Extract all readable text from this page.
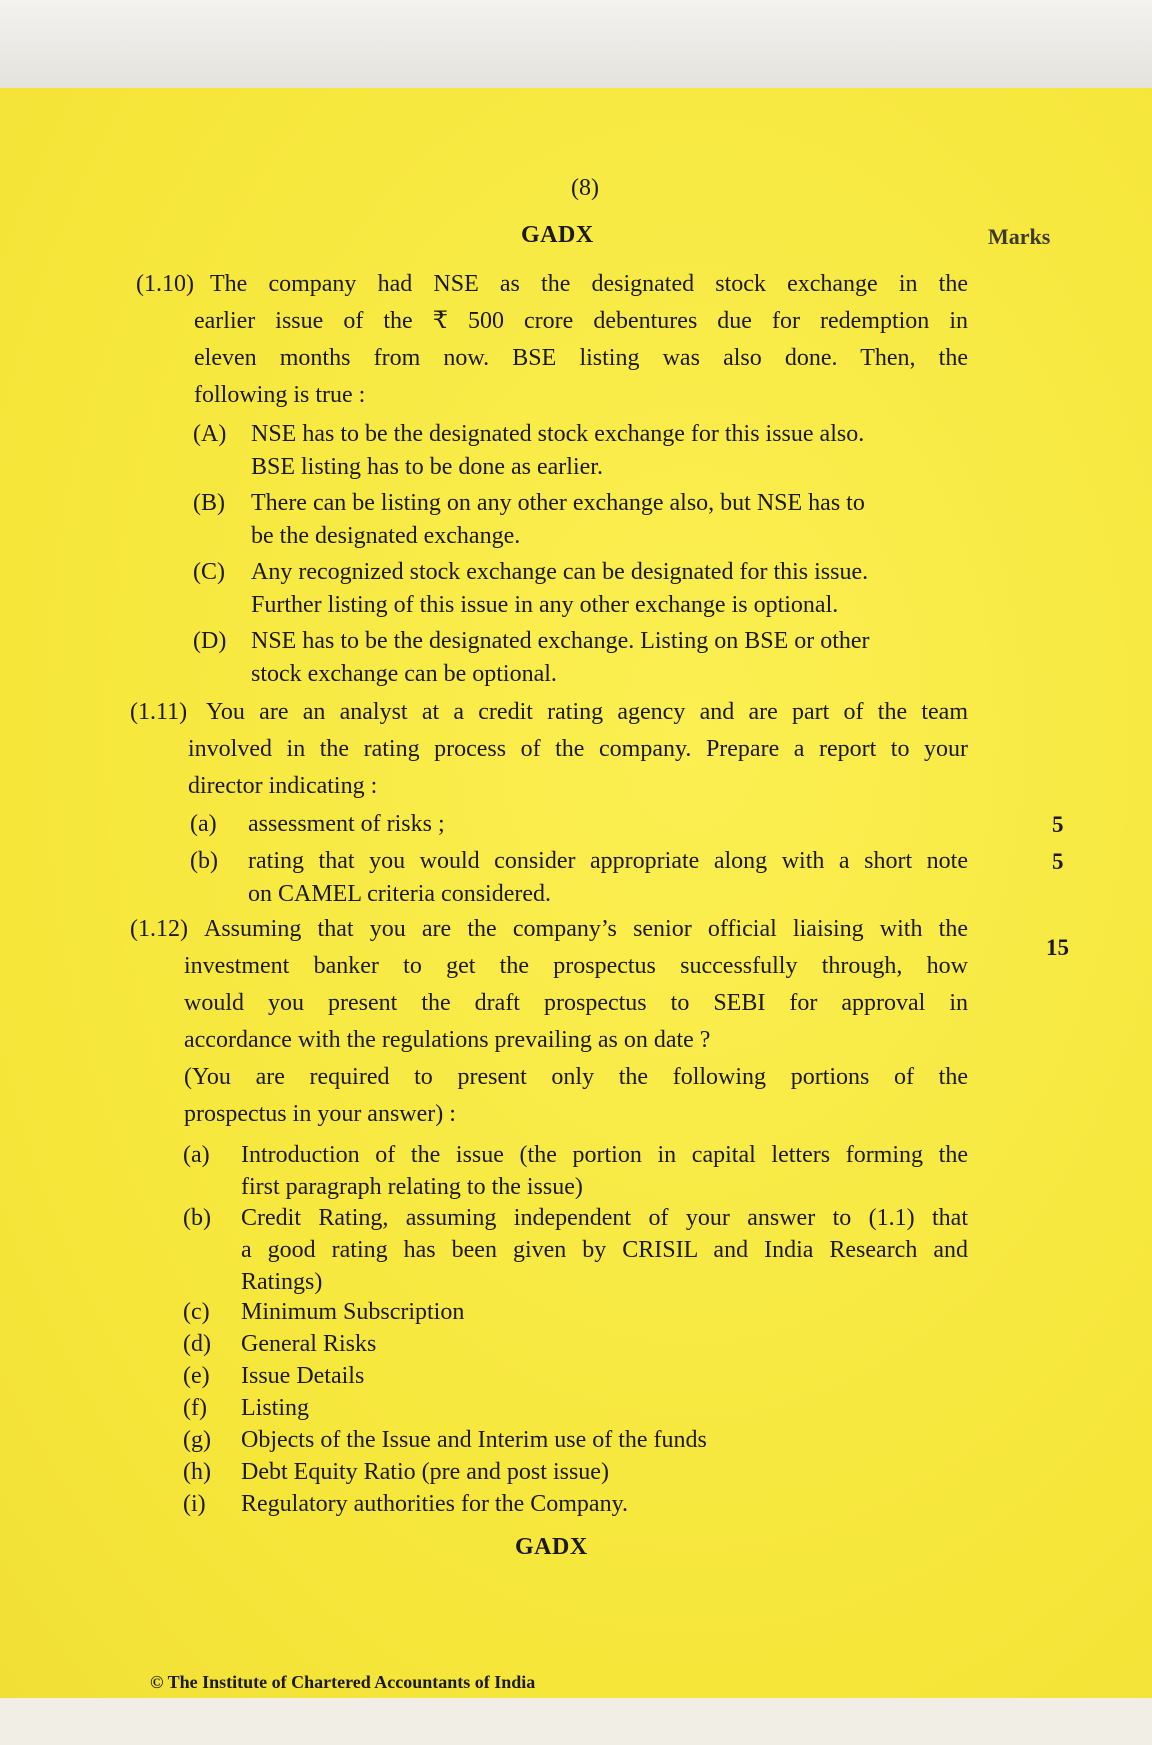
(8)
GADX	Marks
(1.10) The company had NSE as the designated stock exchange in the
earlier issue of the ₹ 500 crore debentures due for redemption in
eleven months from now. BSE listing was also done. Then, the
following is true :
(A) NSE has to be the designated stock exchange for this issue also.
BSE listing has to be done as earlier.
(B) There can be listing on any other exchange also, but NSE has to
be the designated exchange.
(C) Any recognized stock exchange can be designated for this issue.
Further listing of this issue in any other exchange is optional.
(D) NSE has to be the designated exchange. Listing on BSE or other
stock exchange can be optional.
(1.11) You are an analyst at a credit rating agency and are part of the team
involved in the rating process of the company. Prepare a report to your
director indicating :
(a) assessment of risks ;	5
(b) rating that you would consider appropriate along with a short note
on CAMEL criteria considered.
5
(1.12) Assuming that you are the company’s senior official liaising with the
investment banker to get the prospectus successfully through, how
would you present the draft prospectus to SEBI for approval in
accordance with the regulations prevailing as on date ?
(You are required to present only the following portions of the
prospectus in your answer) :
15
(a) Introduction of the issue (the portion in capital letters forming the
first paragraph relating to the issue)
(b) Credit Rating, assuming independent of your answer to (1.1) that
a good rating has been given by CRISIL and India Research and
Ratings)
(c) Minimum Subscription
(d) General Risks
(e) Issue Details
(f) Listing
(g) Objects of the Issue and Interim use of the funds
(h) Debt Equity Ratio (pre and post issue)
(i) Regulatory authorities for the Company.
GADX
© The Institute of Chartered Accountants of India
